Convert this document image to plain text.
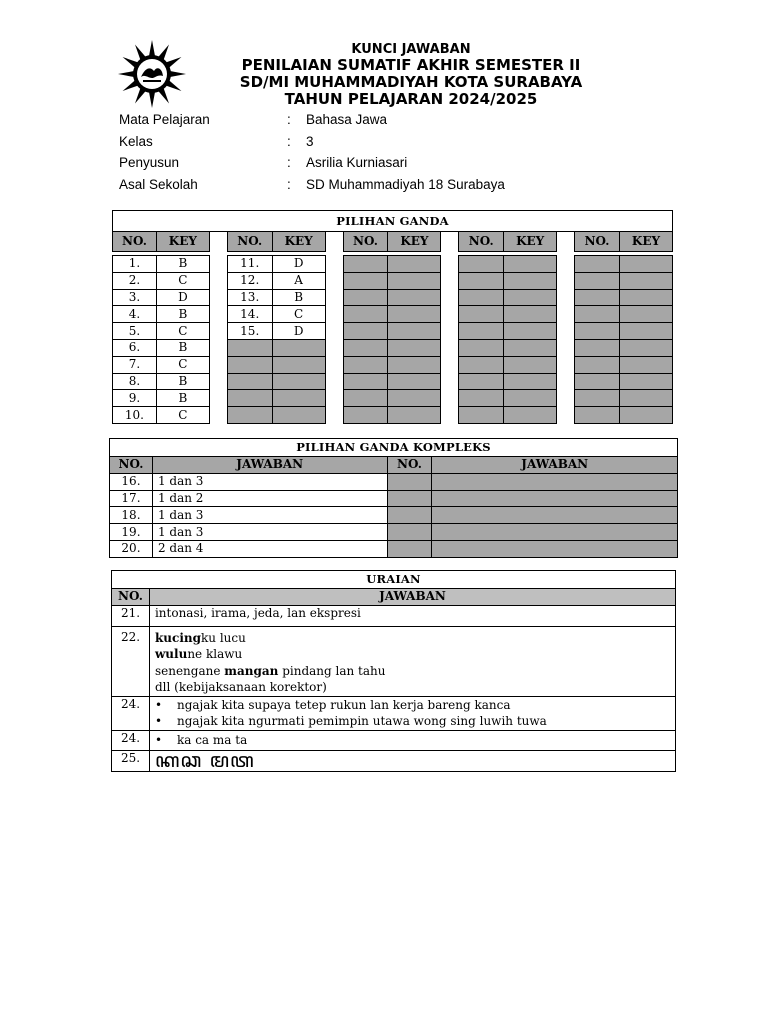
KUNCI JAWABAN
PENILAIAN SUMATIF AKHIR SEMESTER II
SD/MI MUHAMMADIYAH KOTA SURABAYA
TAHUN PELAJARAN 2024/2025
Mata Pelajaran	:	Bahasa Jawa
Kelas	:	3
Penyusun	:	Asrilia Kurniasari
Asal Sekolah	:	SD Muhammadiyah 18 Surabaya
PILIHAN GANDA													
NO.	KEY		NO.	KEY		NO.	KEY		NO.	KEY		NO.	KEY

1.	B		11.	D									
2.	C		12.	A									
3.	D		13.	B									
4.	B		14.	C									
5.	C		15.	D									
6.	B												
7.	C												
8.	B												
9.	B												
10.	C												
PILIHAN GANDA KOMPLEKS			
NO.	JAWABAN	NO.	JAWABAN
16.	1 dan 3		
17.	1 dan 2		
18.	1 dan 3		
19.	1 dan 3		
20.	2 dan 4		
URAIAN	
NO.	JAWABAN
21.	intonasi, irama, jeda, lan ekspresi
22.	kucingku lucu
wulune klawu
senengane mangan pindang lan tahu
dll (kebijaksanaan korektor)

24.	• ngajak kita supaya tetep rukun lan kerja bareng kanca
• ngajak kita ngurmati pemimpin utawa wong sing luwih tuwa

24.	• ka ca ma ta
25.	ꦏꦕ ꦩꦠ
